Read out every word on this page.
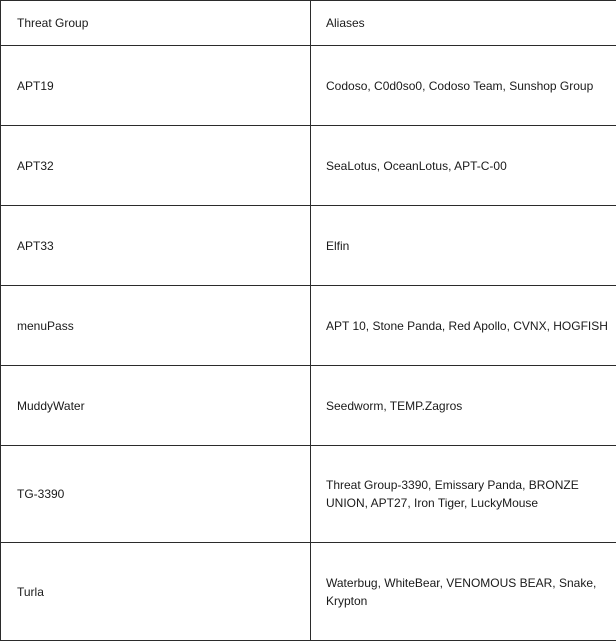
Threat Group	Aliases
APT19	Codoso, C0d0so0, Codoso Team, Sunshop Group
APT32	SeaLotus, OceanLotus, APT-C-00
APT33	Elfin
menuPass	APT 10, Stone Panda, Red Apollo, CVNX, HOGFISH
MuddyWater	Seedworm, TEMP.Zagros
TG-3390	Threat Group-3390, Emissary Panda, BRONZE UNION, APT27, Iron Tiger, LuckyMouse
Turla	Waterbug, WhiteBear, VENOMOUS BEAR, Snake, Krypton
